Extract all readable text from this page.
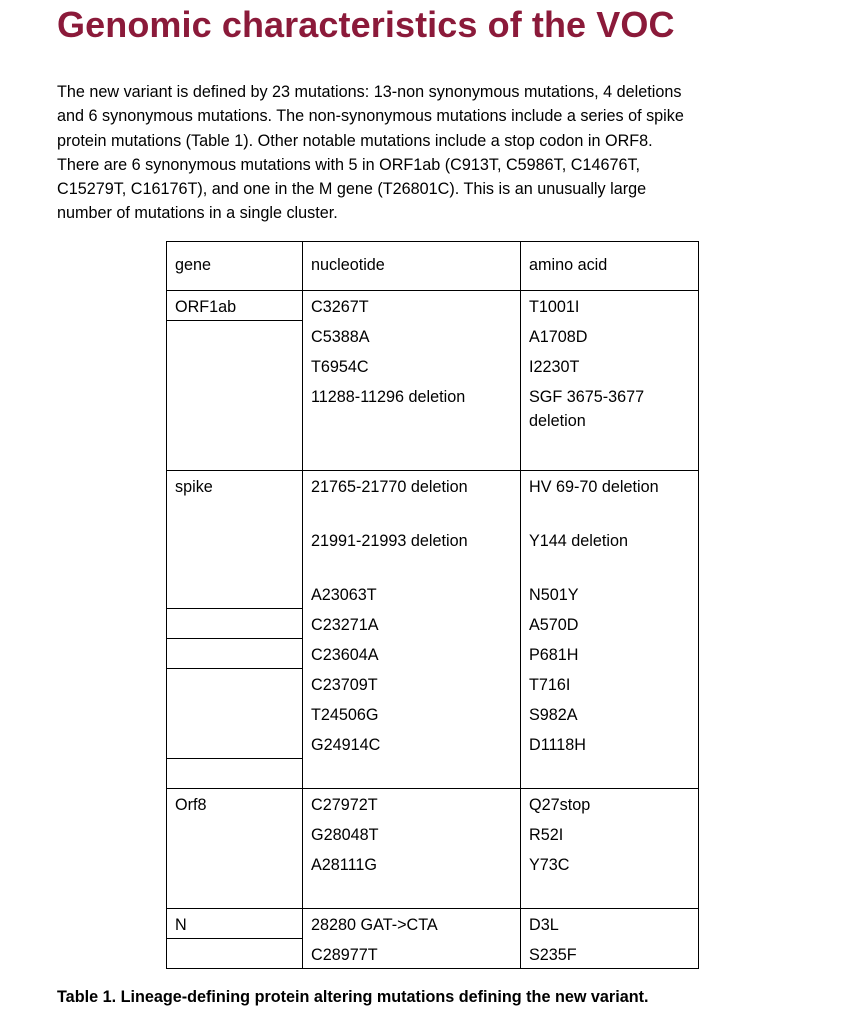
Genomic characteristics of the VOC

The new variant is defined by 23 mutations: 13-non synonymous mutations, 4 deletions
and 6 synonymous mutations. The non-synonymous mutations include a series of spike
protein mutations (Table 1). Other notable mutations include a stop codon in ORF8.
There are 6 synonymous mutations with 5 in ORF1ab (C913T, C5986T, C14676T,
C15279T, C16176T), and one in the M gene (T26801C). This is an unusually large
number of mutations in a single cluster.

gene	nucleotide	amino acid
ORF1ab	C3267T	T1001I
	C5388A	A1708D
	T6954C	I2230T
	11288-11296 deletion	SGF 3675-3677 deletion

spike	21765-21770 deletion	HV 69-70 deletion
	21991-21993 deletion	Y144 deletion
	A23063T	N501Y
	C23271A	A570D
	C23604A	P681H
	C23709T	T716I
	T24506G	S982A
	G24914C	D1118H

Orf8	C27972T	Q27stop
	G28048T	R52I
	A28111G	Y73C

N	28280 GAT->CTA	D3L
	C28977T	S235F

Table 1. Lineage-defining protein altering mutations defining the new variant.
